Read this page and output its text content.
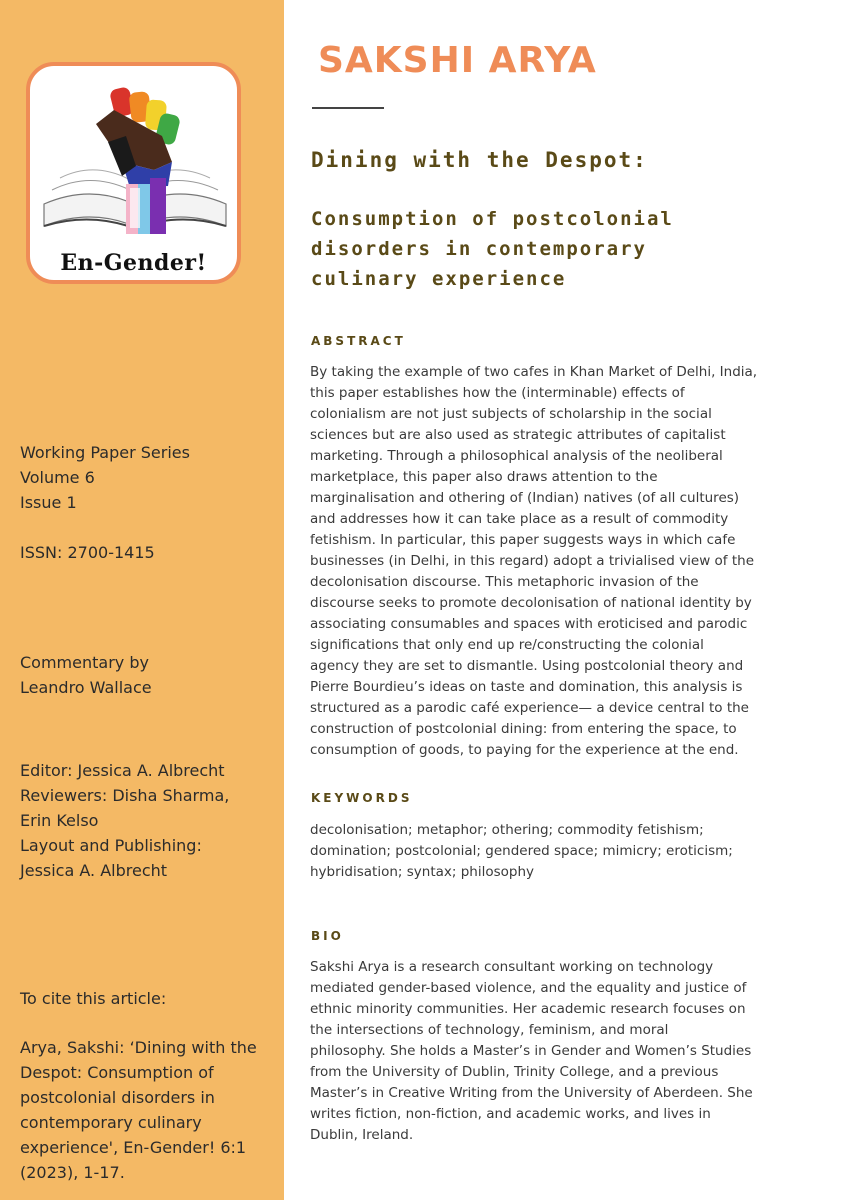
En-Gender!
Working Paper Series
Volume 6
Issue 1
ISSN: 2700-1415
Commentary by
Leandro Wallace
Editor: Jessica A. Albrecht
Reviewers: Disha Sharma,
Erin Kelso
Layout and Publishing:
Jessica A. Albrecht
To cite this article:
Arya, Sakshi: ‘Dining with the
Despot: Consumption of
postcolonial disorders in
contemporary culinary
experience', En-Gender! 6:1
(2023), 1-17.
SAKSHI ARYA
Dining with the Despot:
Consumption of postcolonial
disorders in contemporary
culinary experience
ABSTRACT
By taking the example of two cafes in Khan Market of Delhi, India,
this paper establishes how the (interminable) effects of
colonialism are not just subjects of scholarship in the social
sciences but are also used as strategic attributes of capitalist
marketing. Through a philosophical analysis of the neoliberal
marketplace, this paper also draws attention to the
marginalisation and othering of (Indian) natives (of all cultures)
and addresses how it can take place as a result of commodity
fetishism. In particular, this paper suggests ways in which cafe
businesses (in Delhi, in this regard) adopt a trivialised view of the
decolonisation discourse. This metaphoric invasion of the
discourse seeks to promote decolonisation of national identity by
associating consumables and spaces with eroticised and parodic
significations that only end up re/constructing the colonial
agency they are set to dismantle. Using postcolonial theory and
Pierre Bourdieu’s ideas on taste and domination, this analysis is
structured as a parodic café experience— a device central to the
construction of postcolonial dining: from entering the space, to
consumption of goods, to paying for the experience at the end.
KEYWORDS
decolonisation; metaphor; othering; commodity fetishism;
domination; postcolonial; gendered space; mimicry; eroticism;
hybridisation; syntax; philosophy
BIO
Sakshi Arya is a research consultant working on technology
mediated gender-based violence, and the equality and justice of
ethnic minority communities. Her academic research focuses on
the intersections of technology, feminism, and moral
philosophy. She holds a Master’s in Gender and Women’s Studies
from the University of Dublin, Trinity College, and a previous
Master’s in Creative Writing from the University of Aberdeen. She
writes fiction, non-fiction, and academic works, and lives in
Dublin, Ireland.
